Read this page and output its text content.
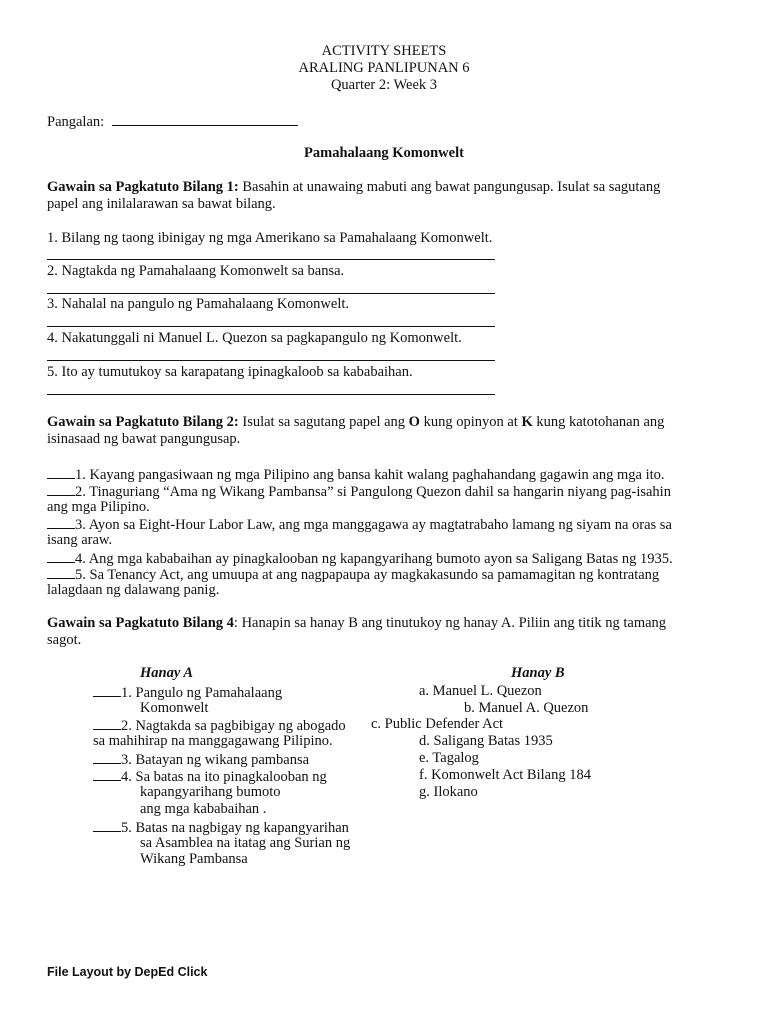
ACTIVITY SHEETS
ARALING PANLIPUNAN 6
Quarter 2: Week 3
Pangalan:
Pamahalaang Komonwelt
Gawain sa Pagkatuto Bilang 1: Basahin at unawaing mabuti ang bawat pangungusap. Isulat sa sagutang
papel ang inilalarawan sa bawat bilang.
1. Bilang ng taong ibinigay ng mga Amerikano sa Pamahalaang Komonwelt.
2. Nagtakda ng Pamahalaang Komonwelt sa bansa.
3. Nahalal na pangulo ng Pamahalaang Komonwelt.
4. Nakatunggali ni Manuel L. Quezon sa pagkapangulo ng Komonwelt.
5. Ito ay tumutukoy sa karapatang ipinagkaloob sa kababaihan.
Gawain sa Pagkatuto Bilang 2: Isulat sa sagutang papel ang O kung opinyon at K kung katotohanan ang
isinasaad ng bawat pangungusap.
1. Kayang pangasiwaan ng mga Pilipino ang bansa kahit walang paghahandang gagawin ang mga ito.
2. Tinaguriang “Ama ng Wikang Pambansa” si Pangulong Quezon dahil sa hangarin niyang pag-isahin
ang mga Pilipino.
3. Ayon sa Eight-Hour Labor Law, ang mga manggagawa ay magtatrabaho lamang ng siyam na oras sa
isang araw.
4. Ang mga kababaihan ay pinagkalooban ng kapangyarihang bumoto ayon sa Saligang Batas ng 1935.
5. Sa Tenancy Act, ang umuupa at ang nagpapaupa ay magkakasundo sa pamamagitan ng kontratang
lalagdaan ng dalawang panig.
Gawain sa Pagkatuto Bilang 4: Hanapin sa hanay B ang tinutukoy ng hanay A. Piliin ang titik ng tamang
sagot.
Hanay A	Hanay B
1. Pangulo ng Pamahalaang
Komonwelt
2. Nagtakda sa pagbibigay ng abogado
sa mahihirap na manggagawang Pilipino.
3. Batayan ng wikang pambansa
4. Sa batas na ito pinagkalooban ng
kapangyarihang bumoto
ang mga kababaihan .
5. Batas na nagbigay ng kapangyarihan
sa Asamblea na itatag ang Surian ng
Wikang Pambansa
a. Manuel L. Quezon
b. Manuel A. Quezon
c. Public Defender Act
d. Saligang Batas 1935
e. Tagalog
f. Komonwelt Act Bilang 184
g. Ilokano
File Layout by DepEd Click
